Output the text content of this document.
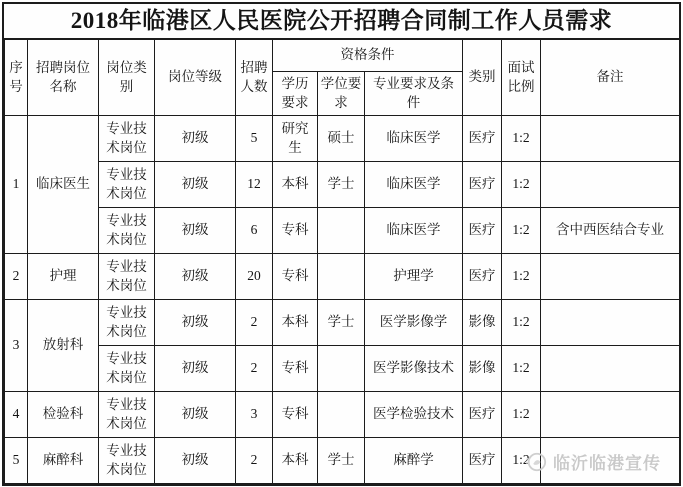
2018年临港区人民医院公开招聘合同制工作人员需求
序号	招聘岗位名称	岗位类别	岗位等级	招聘人数	资格条件			类别	面试比例	备注
					学历要求	学位要求	专业要求及条件			
1	临床医生	专业技术岗位	初级	5	研究生	硕士	临床医学	医疗	1:2	
		专业技术岗位	初级	12	本科	学士	临床医学	医疗	1:2	
		专业技术岗位	初级	6	专科		临床医学	医疗	1:2	含中西医结合专业
2	护理	专业技术岗位	初级	20	专科		护理学	医疗	1:2	
3	放射科	专业技术岗位	初级	2	本科	学士	医学影像学	影像	1:2	
		专业技术岗位	初级	2	专科		医学影像技术	影像	1:2	
4	检验科	专业技术岗位	初级	3	专科		医学检验技术	医疗	1:2	
5	麻醉科	专业技术岗位	初级	2	本科	学士	麻醉学	医疗	1:2	临沂临港宣传
